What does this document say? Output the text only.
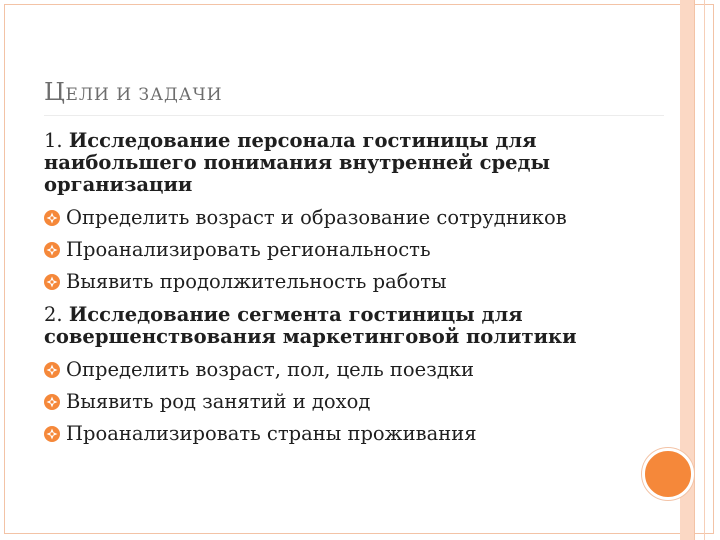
ЦЕЛИ И ЗАДАЧИ

1. Исследование персонала гостиницы для наибольшего понимания внутренней среды организации

Определить возраст и образование сотрудников
Проанализировать региональность
Выявить продолжительность работы

2. Исследование сегмента гостиницы для совершенствования маркетинговой политики

Определить возраст, пол, цель поездки
Выявить род занятий и доход
Проанализировать страны проживания
